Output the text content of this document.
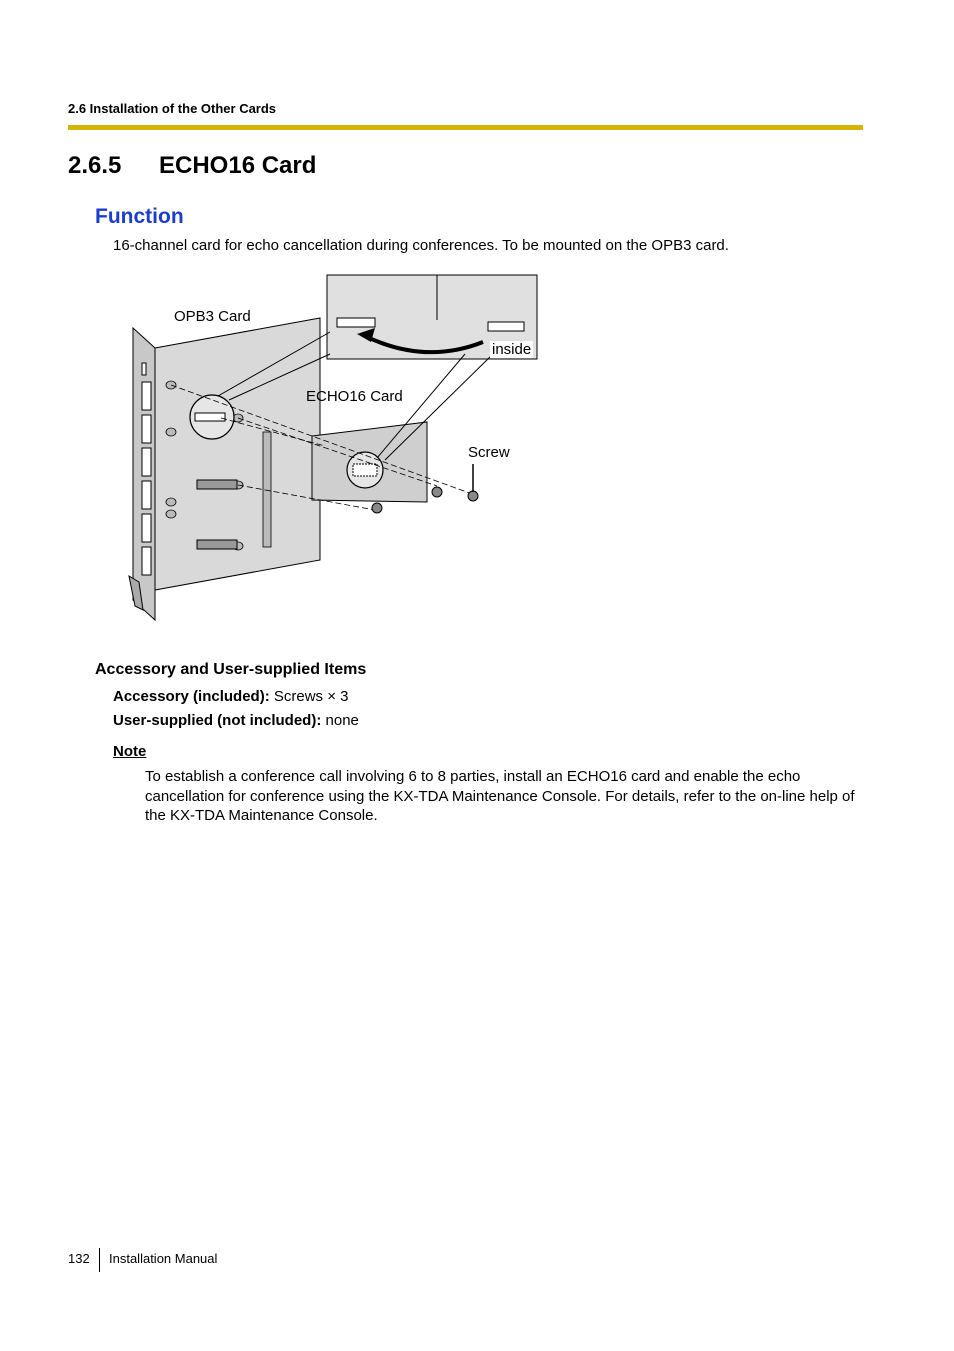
2.6 Installation of the Other Cards
2.6.5 ECHO16 Card
Function
16-channel card for echo cancellation during conferences. To be mounted on the OPB3 card.
OPB3 Card
inside
ECHO16 Card
Screw
Accessory and User-supplied Items
Accessory (included): Screws × 3
User-supplied (not included): none
Note
To establish a conference call involving 6 to 8 parties, install an ECHO16 card and enable the echo cancellation for conference using the KX-TDA Maintenance Console. For details, refer to the on-line help of the KX-TDA Maintenance Console.
132 Installation Manual
